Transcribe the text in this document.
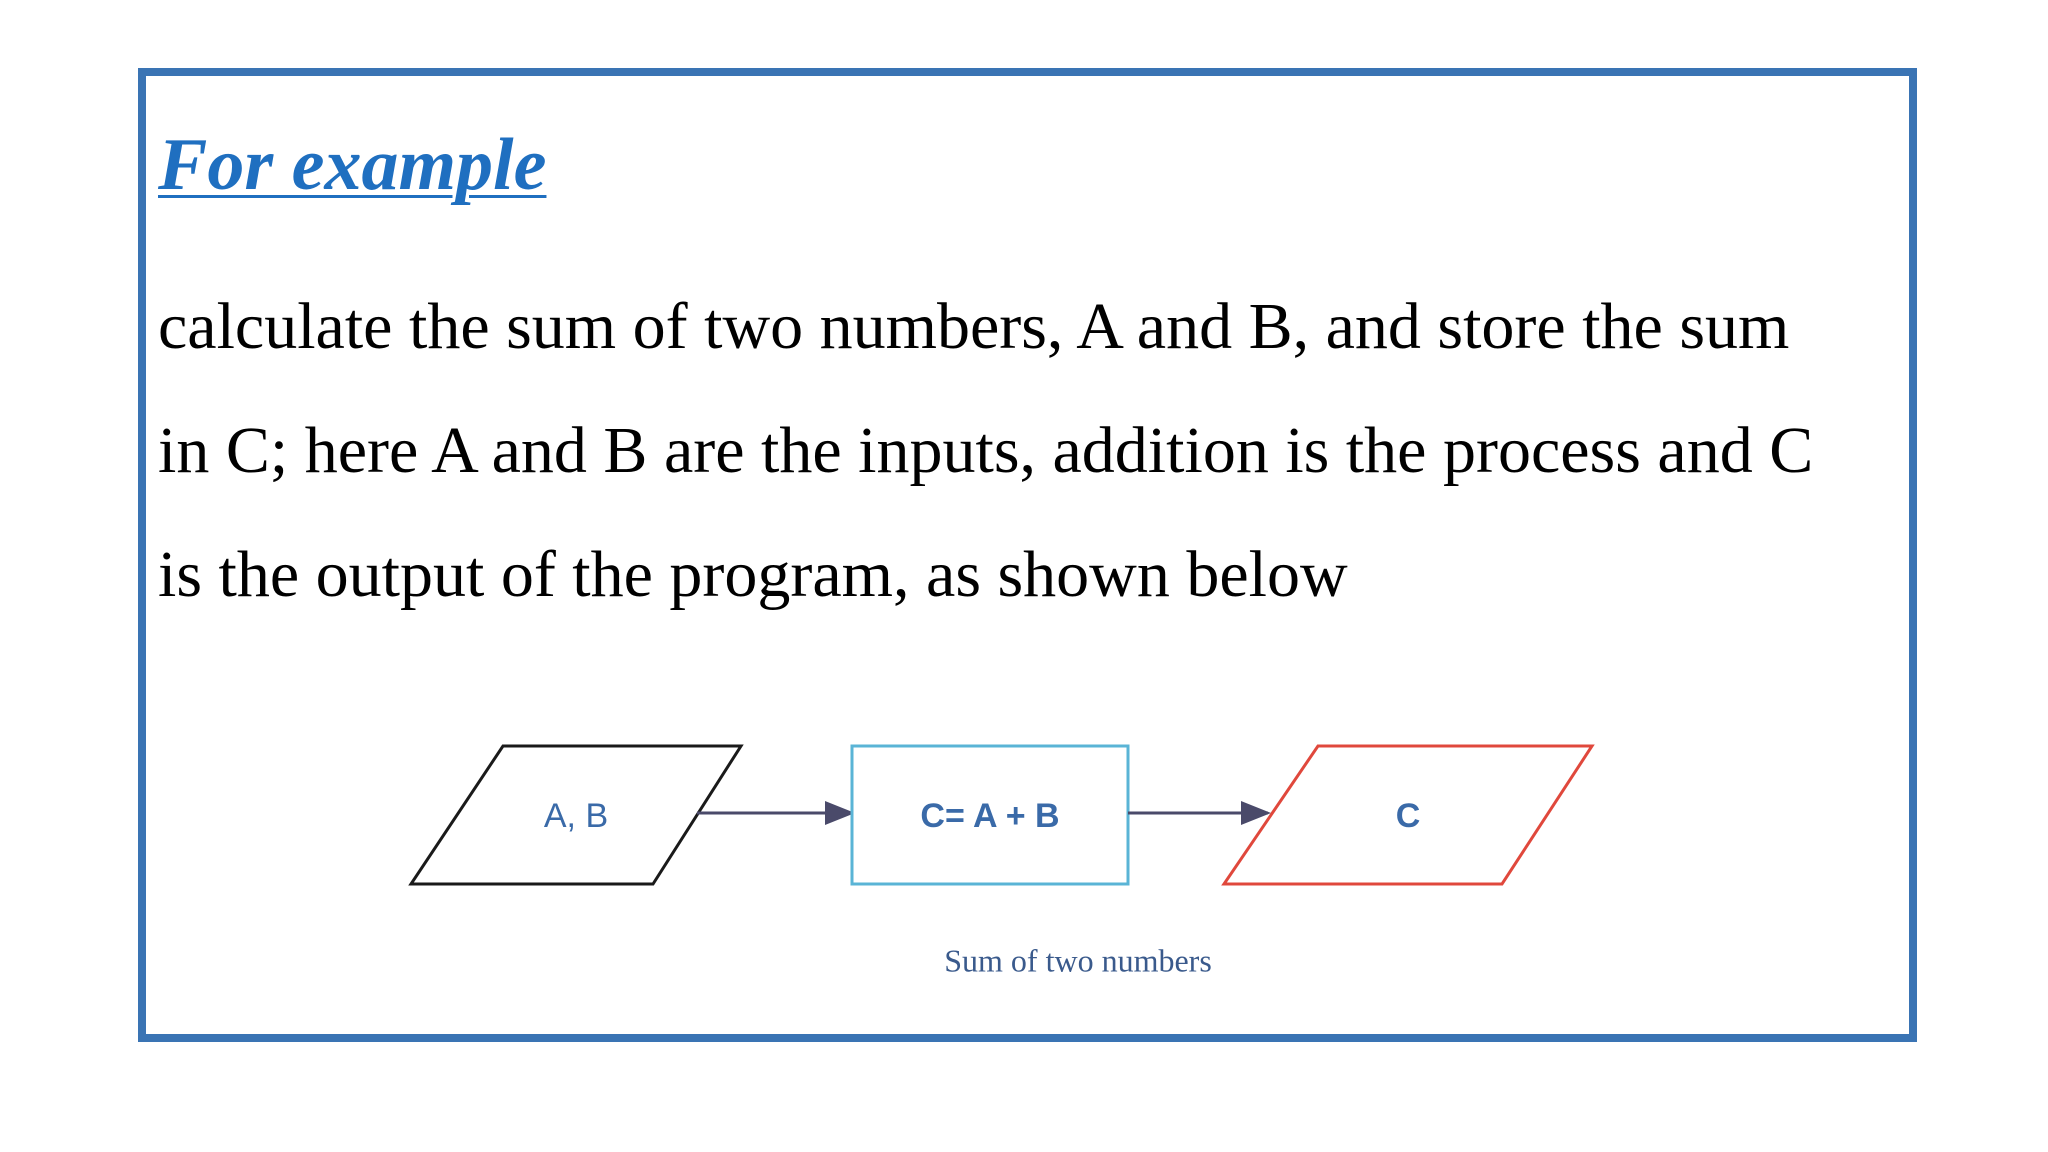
For example
calculate the sum of two numbers, A and B, and store the sum
in C; here A and B are the inputs, addition is the process and C
is the output of the program, as shown below
A, B	C= A + B	C
Sum of two numbers
